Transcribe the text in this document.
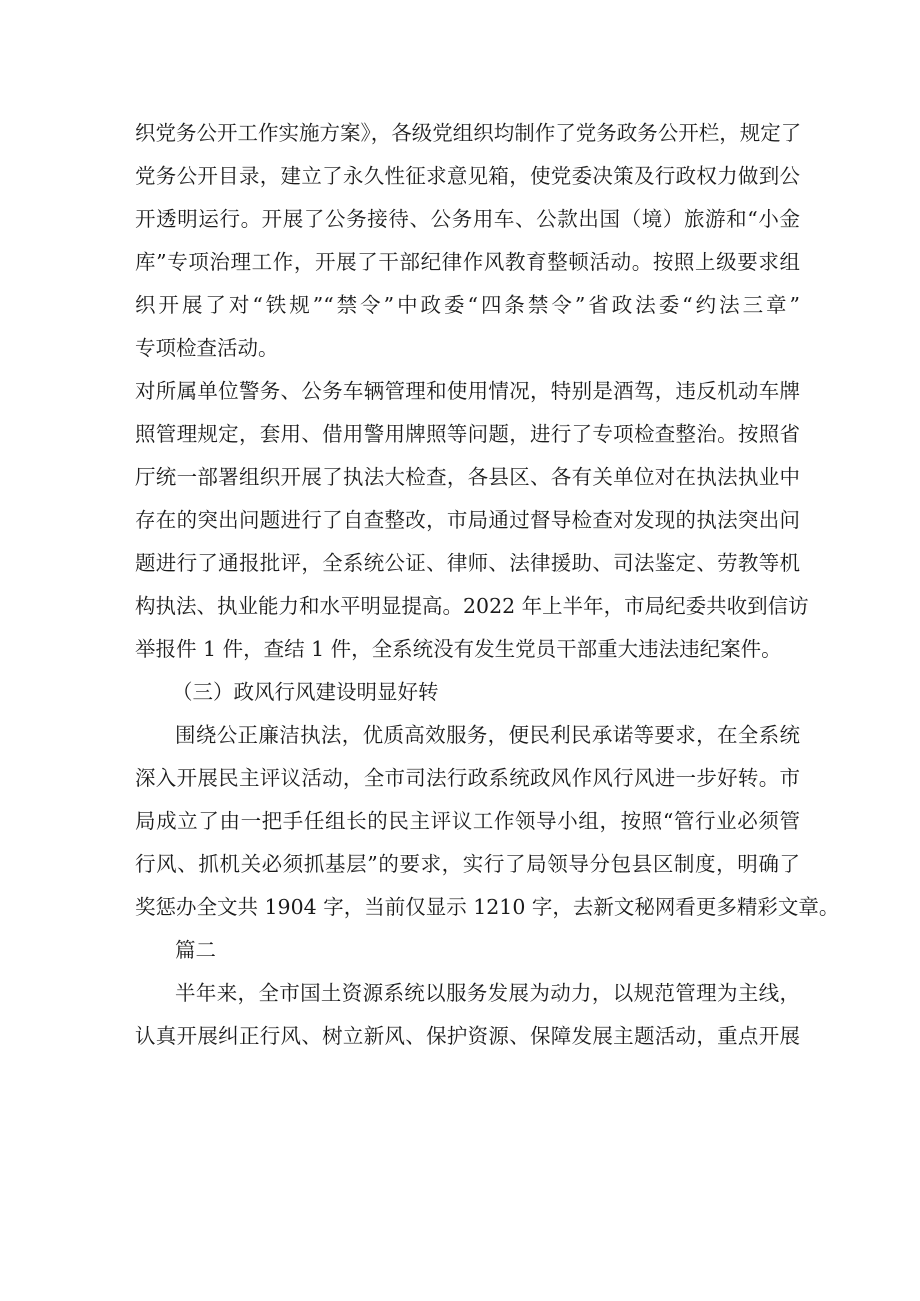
织党务公开工作实施方案》，各级党组织均制作了党务政务公开栏，规定了
党务公开目录，建立了永久性征求意见箱，使党委决策及行政权力做到公
开透明运行。开展了公务接待、公务用车、公款出国（境）旅游和“小金
库”专项治理工作，开展了干部纪律作风教育整顿活动。按照上级要求组
织开展了对“铁规”“禁令”中政委“四条禁令”省政法委“约法三章”
专项检查活动。
对所属单位警务、公务车辆管理和使用情况，特别是酒驾，违反机动车牌
照管理规定，套用、借用警用牌照等问题，进行了专项检查整治。按照省
厅统一部署组织开展了执法大检查，各县区、各有关单位对在执法执业中
存在的突出问题进行了自查整改，市局通过督导检查对发现的执法突出问
题进行了通报批评，全系统公证、律师、法律援助、司法鉴定、劳教等机
构执法、执业能力和水平明显提高。2022 年上半年，市局纪委共收到信访
举报件 1 件，查结 1 件，全系统没有发生党员干部重大违法违纪案件。
（三）政风行风建设明显好转
围绕公正廉洁执法，优质高效服务，便民利民承诺等要求，在全系统
深入开展民主评议活动，全市司法行政系统政风作风行风进一步好转。市
局成立了由一把手任组长的民主评议工作领导小组，按照“管行业必须管
行风、抓机关必须抓基层”的要求，实行了局领导分包县区制度，明确了
奖惩办全文共 1904 字，当前仅显示 1210 字，去新文秘网看更多精彩文章。
篇二
半年来，全市国土资源系统以服务发展为动力，以规范管理为主线，
认真开展纠正行风、树立新风、保护资源、保障发展主题活动，重点开展
